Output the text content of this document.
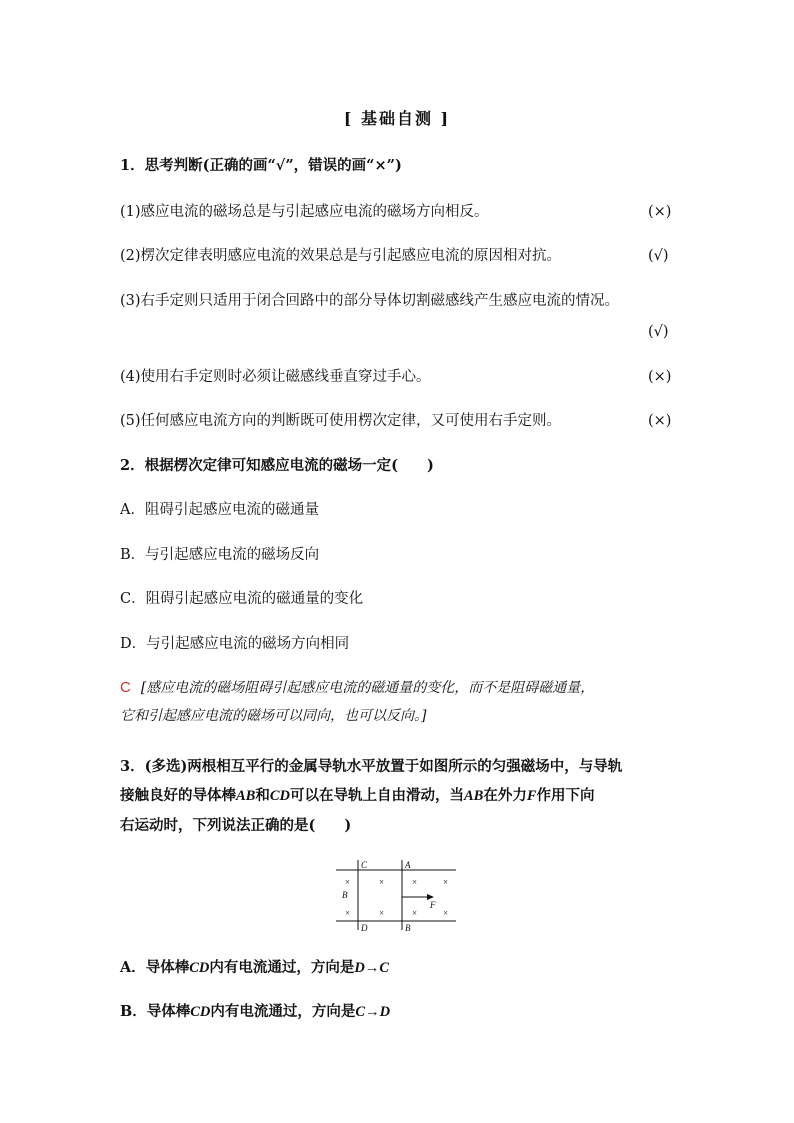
[ 基础自测 ]
1．思考判断(正确的画“√”，错误的画“×”)
(1)感应电流的磁场总是与引起感应电流的磁场方向相反。	(×)
(2)楞次定律表明感应电流的效果总是与引起感应电流的原因相对抗。	(√)
(3)右手定则只适用于闭合回路中的部分导体切割磁感线产生感应电流的情况。
(√)
(4)使用右手定则时必须让磁感线垂直穿过手心。	(×)
(5)任何感应电流方向的判断既可使用楞次定律，又可使用右手定则。	(×)
2．根据楞次定律可知感应电流的磁场一定(　　)
A．阻碍引起感应电流的磁通量
B．与引起感应电流的磁场反向
C．阻碍引起感应电流的磁通量的变化
D．与引起感应电流的磁场方向相同
C [感应电流的磁场阻碍引起感应电流的磁通量的变化，而不是阻碍磁通量，
它和引起感应电流的磁场可以同向，也可以反向。]
3．(多选)两根相互平行的金属导轨水平放置于如图所示的匀强磁场中，与导轨
接触良好的导体棒AB和CD可以在导轨上自由滑动，当AB在外力F作用下向
右运动时，下列说法正确的是(　　)
C	A
B
D	B
F
×	×	×	×
×	×	×	×
A．导体棒CD内有电流通过，方向是D→C
B．导体棒CD内有电流通过，方向是C→D
